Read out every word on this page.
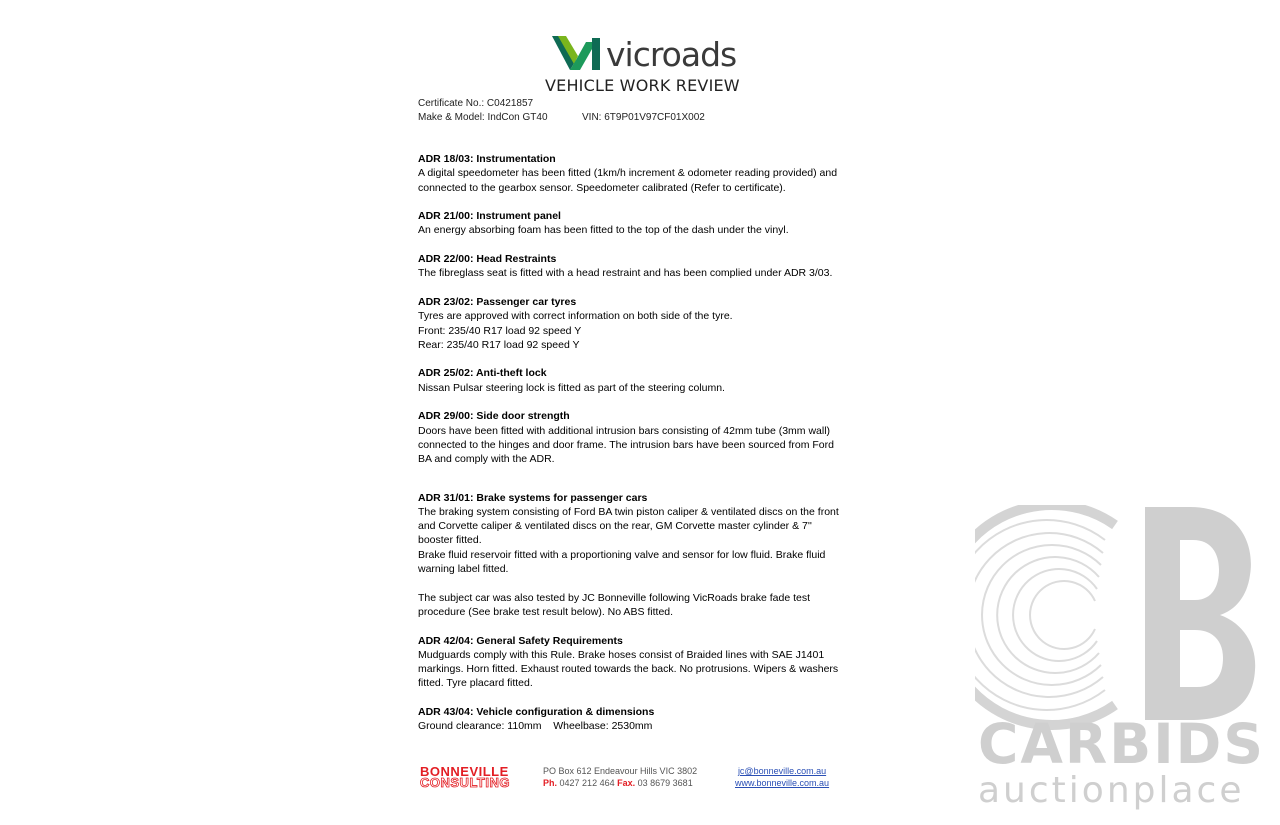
vicroads
VEHICLE WORK REVIEW
Certificate No.: C0421857
Make & Model: IndCon GT40	VIN: 6T9P01V97CF01X002
ADR 18/03: Instrumentation
A digital speedometer has been fitted (1km/h increment & odometer reading provided) and
connected to the gearbox sensor. Speedometer calibrated (Refer to certificate).
ADR 21/00: Instrument panel
An energy absorbing foam has been fitted to the top of the dash under the vinyl.
ADR 22/00: Head Restraints
The fibreglass seat is fitted with a head restraint and has been complied under ADR 3/03.
ADR 23/02: Passenger car tyres
Tyres are approved with correct information on both side of the tyre.
Front: 235/40 R17 load 92 speed Y
Rear: 235/40 R17 load 92 speed Y
ADR 25/02: Anti-theft lock
Nissan Pulsar steering lock is fitted as part of the steering column.
ADR 29/00: Side door strength
Doors have been fitted with additional intrusion bars consisting of 42mm tube (3mm wall)
connected to the hinges and door frame. The intrusion bars have been sourced from Ford
BA and comply with the ADR.
ADR 31/01: Brake systems for passenger cars
The braking system consisting of Ford BA twin piston caliper & ventilated discs on the front
and Corvette caliper & ventilated discs on the rear, GM Corvette master cylinder & 7''
booster fitted.
Brake fluid reservoir fitted with a proportioning valve and sensor for low fluid. Brake fluid
warning label fitted.
The subject car was also tested by JC Bonneville following VicRoads brake fade test
procedure (See brake test result below). No ABS fitted.
ADR 42/04: General Safety Requirements
Mudguards comply with this Rule. Brake hoses consist of Braided lines with SAE J1401
markings. Horn fitted. Exhaust routed towards the back. No protrusions. Wipers & washers
fitted. Tyre placard fitted.
ADR 43/04: Vehicle configuration & dimensions
Ground clearance: 110mm    Wheelbase: 2530mm
BONNEVILLE
CONSULTING
PO Box 612 Endeavour Hills VIC 3802
Ph. 0427 212 464 Fax. 03 8679 3681
jc@bonneville.com.au
www.bonneville.com.au
CARBIDS
auctionplace
